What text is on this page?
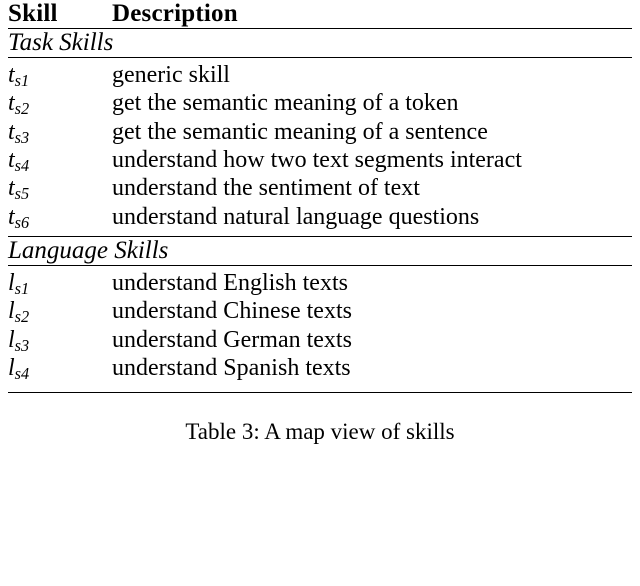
Skill	Description

Task Skills	

$t_{s1}$	generic skill
$t_{s2}$	get the semantic meaning of a token
$t_{s3}$	get the semantic meaning of a sentence
$t_{s4}$	understand how two text segments interact
$t_{s5}$	understand the sentiment of text
$t_{s6}$	understand natural language questions

Language Skills	

$l_{s1}$	understand English texts
$l_{s2}$	understand Chinese texts
$l_{s3}$	understand German texts
$l_{s4}$	understand Spanish texts

Table 3: A map view of skills
